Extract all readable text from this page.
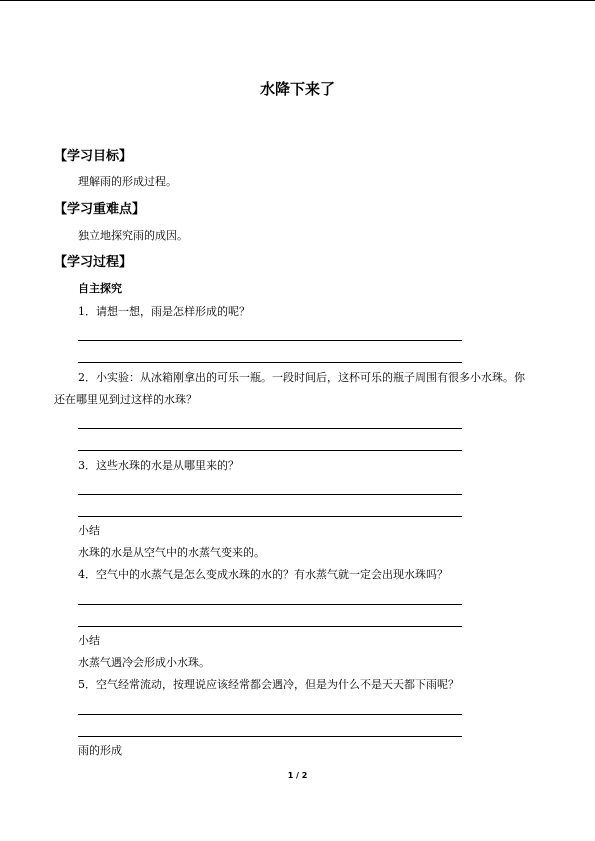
水降下来了
【学习目标】
理解雨的形成过程。
【学习重难点】
独立地探究雨的成因。
【学习过程】
自主探究
1．请想一想，雨是怎样形成的呢？
2．小实验：从冰箱刚拿出的可乐一瓶。一段时间后，这杯可乐的瓶子周围有很多小水珠。你还在哪里见到过这样的水珠？
3．这些水珠的水是从哪里来的？
小结
水珠的水是从空气中的水蒸气变来的。
4．空气中的水蒸气是怎么变成水珠的水的？有水蒸气就一定会出现水珠吗？
小结
水蒸气遇冷会形成小水珠。
5．空气经常流动，按理说应该经常都会遇冷，但是为什么不是天天都下雨呢？
雨的形成
1 / 2
